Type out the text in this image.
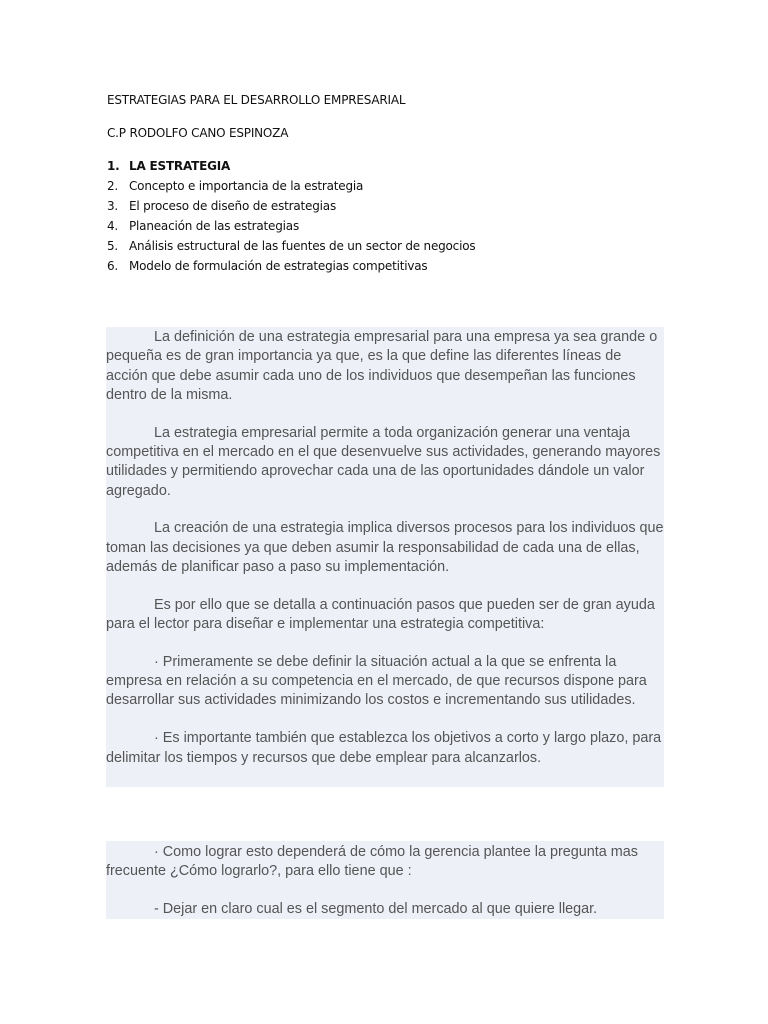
ESTRATEGIAS PARA EL DESARROLLO EMPRESARIAL
C.P RODOLFO CANO ESPINOZA
1. LA ESTRATEGIA
2. Concepto e importancia de la estrategia
3. El proceso de diseño de estrategias
4. Planeación de las estrategias
5. Análisis estructural de las fuentes de un sector de negocios
6. Modelo de formulación de estrategias competitivas

La definición de una estrategia empresarial para una empresa ya sea grande o pequeña es de gran importancia ya que, es la que define las diferentes líneas de acción que debe asumir cada uno de los individuos que desempeñan las funciones dentro de la misma.

La estrategia empresarial permite a toda organización generar una ventaja competitiva en el mercado en el que desenvuelve sus actividades, generando mayores utilidades y permitiendo aprovechar cada una de las oportunidades dándole un valor agregado.

La creación de una estrategia implica diversos procesos para los individuos que toman las decisiones ya que deben asumir la responsabilidad de cada una de ellas, además de planificar paso a paso su implementación.

Es por ello que se detalla a continuación pasos que pueden ser de gran ayuda para el lector para diseñar e implementar una estrategia competitiva:

· Primeramente se debe definir la situación actual a la que se enfrenta la empresa en relación a su competencia en el mercado, de que recursos dispone para desarrollar sus actividades minimizando los costos e incrementando sus utilidades.

· Es importante también que establezca los objetivos a corto y largo plazo, para delimitar los tiempos y recursos que debe emplear para alcanzarlos.

· Como lograr esto dependerá de cómo la gerencia plantee la pregunta mas frecuente ¿Cómo lograrlo?, para ello tiene que :

- Dejar en claro cual es el segmento del mercado al que quiere llegar.
